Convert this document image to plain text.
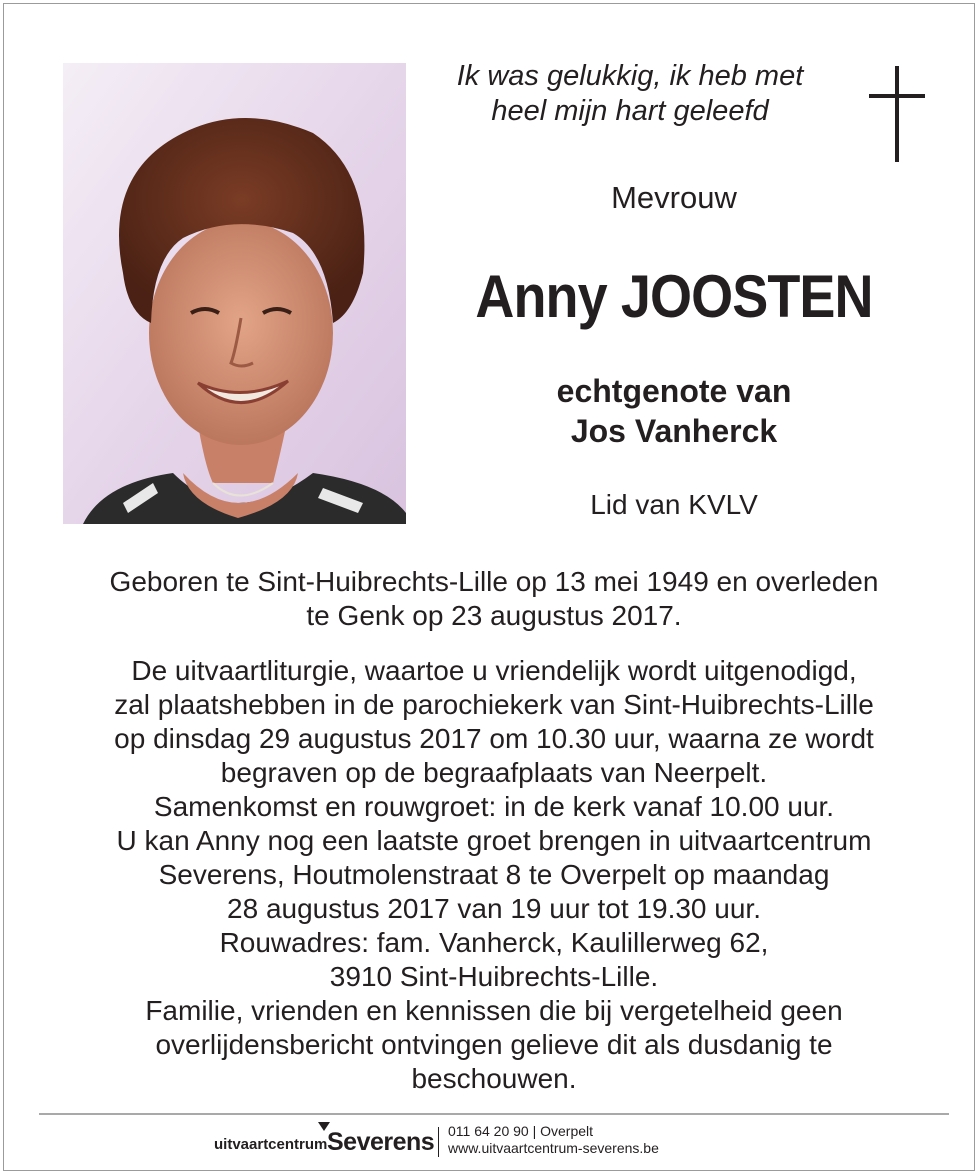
Ik was gelukkig, ik heb met
heel mijn hart geleefd
Mevrouw
Anny JOOSTEN
echtgenote van
Jos Vanherck
Lid van KVLV
Geboren te Sint-Huibrechts-Lille op 13 mei 1949 en overleden
te Genk op 23 augustus 2017.
De uitvaartliturgie, waartoe u vriendelijk wordt uitgenodigd,
zal plaatshebben in de parochiekerk van Sint-Huibrechts-Lille
op dinsdag 29 augustus 2017 om 10.30 uur, waarna ze wordt
begraven op de begraafplaats van Neerpelt.
Samenkomst en rouwgroet: in de kerk vanaf 10.00 uur.
U kan Anny nog een laatste groet brengen in uitvaartcentrum
Severens, Houtmolenstraat 8 te Overpelt op maandag
28 augustus 2017 van 19 uur tot 19.30 uur.
Rouwadres: fam. Vanherck, Kaulillerweg 62,
3910 Sint-Huibrechts-Lille.
Familie, vrienden en kennissen die bij vergetelheid geen
overlijdensbericht ontvingen gelieve dit als dusdanig te
beschouwen.
uitvaartcentrum Severens 011 64 20 90 | Overpelt
www.uitvaartcentrum-severens.be
